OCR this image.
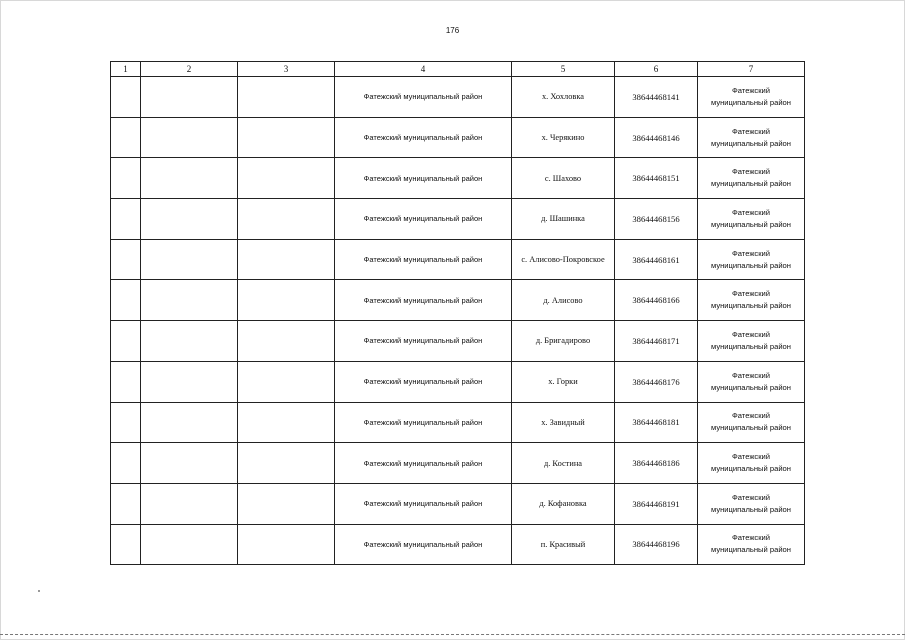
176
1	2	3	4	5	6	7
			Фатежский муниципальный район	х. Хохловка	38644468141	Фатежский
муниципальный район

			Фатежский муниципальный район	х. Черякино	38644468146	Фатежский
муниципальный район

			Фатежский муниципальный район	с. Шахово	38644468151	Фатежский
муниципальный район

			Фатежский муниципальный район	д. Шашинка	38644468156	Фатежский
муниципальный район

			Фатежский муниципальный район	с. Алисово-Покровское	38644468161	Фатежский
муниципальный район

			Фатежский муниципальный район	д. Алисово	38644468166	Фатежский
муниципальный район

			Фатежский муниципальный район	д. Бригадирово	38644468171	Фатежский
муниципальный район

			Фатежский муниципальный район	х. Горки	38644468176	Фатежский
муниципальный район

			Фатежский муниципальный район	х. Завидный	38644468181	Фатежский
муниципальный район

			Фатежский муниципальный район	д. Костина	38644468186	Фатежский
муниципальный район

			Фатежский муниципальный район	д. Кофановка	38644468191	Фатежский
муниципальный район

			Фатежский муниципальный район	п. Красивый	38644468196	Фатежский
муниципальный район
